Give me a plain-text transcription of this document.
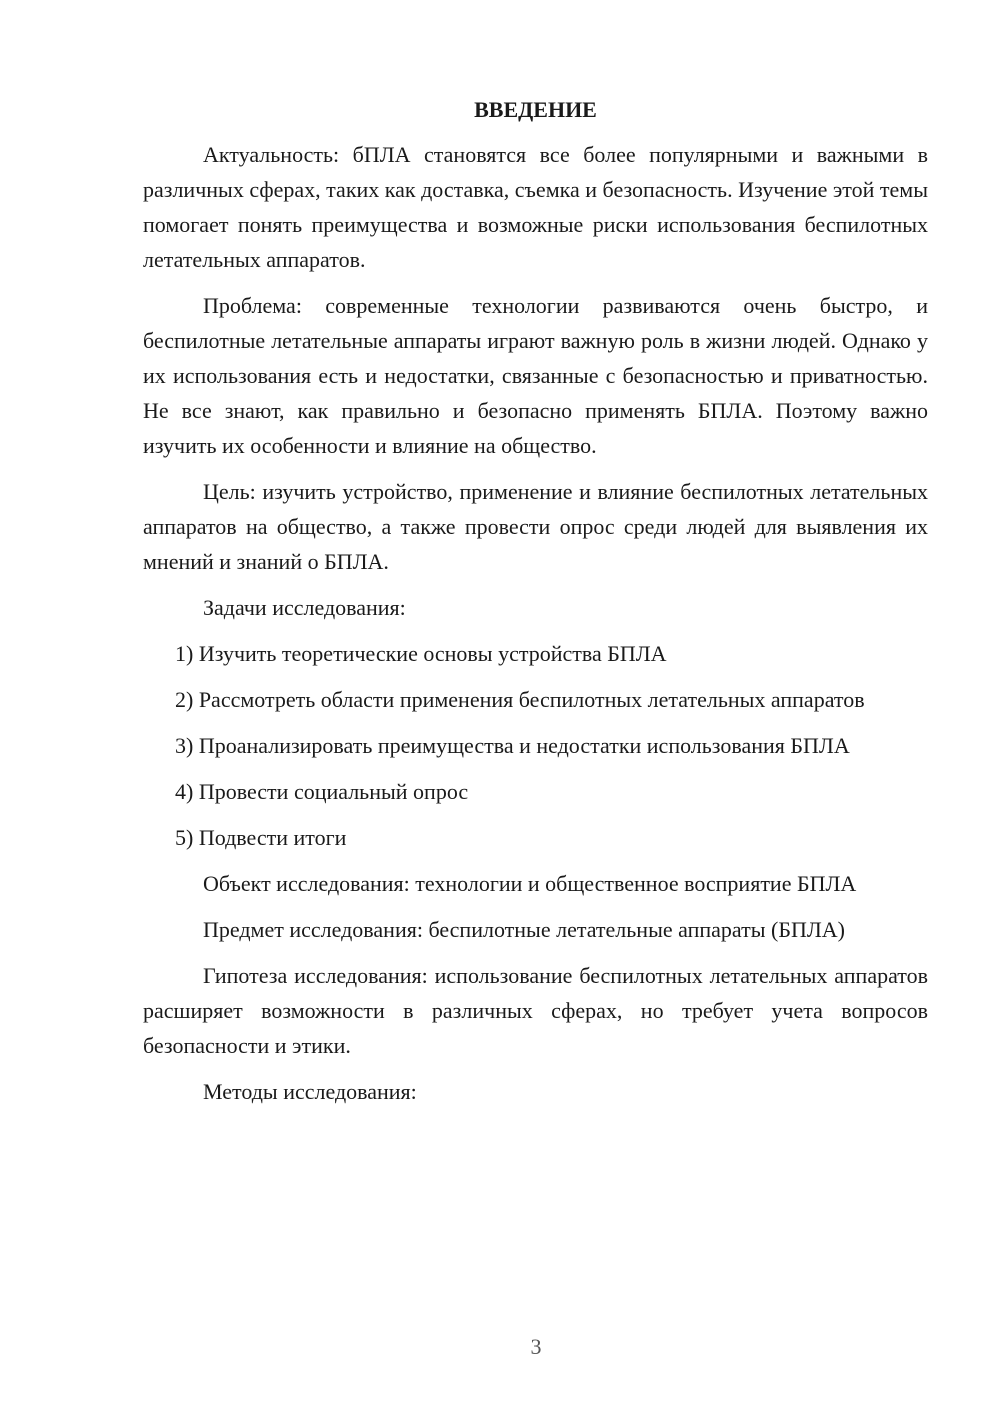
ВВЕДЕНИЕ

Актуальность: бПЛА становятся все более популярными и важными в различных сферах, таких как доставка, съемка и безопасность. Изучение этой темы помогает понять преимущества и возможные риски использования беспилотных летательных аппаратов.

Проблема: современные технологии развиваются очень быстро, и беспилотные летательные аппараты играют важную роль в жизни людей. Однако у их использования есть и недостатки, связанные с безопасностью и приватностью. Не все знают, как правильно и безопасно применять БПЛА. Поэтому важно изучить их особенности и влияние на общество.

Цель: изучить устройство, применение и влияние беспилотных летательных аппаратов на общество, а также провести опрос среди людей для выявления их мнений и знаний о БПЛА.

Задачи исследования:

1) Изучить теоретические основы устройства БПЛА

2) Рассмотреть области применения беспилотных летательных аппаратов

3) Проанализировать преимущества и недостатки использования БПЛА

4) Провести социальный опрос

5) Подвести итоги

Объект исследования: технологии и общественное восприятие БПЛА

Предмет исследования: беспилотные летательные аппараты (БПЛА)

Гипотеза исследования: использование беспилотных летательных аппаратов расширяет возможности в различных сферах, но требует учета вопросов безопасности и этики.

Методы исследования:

3
